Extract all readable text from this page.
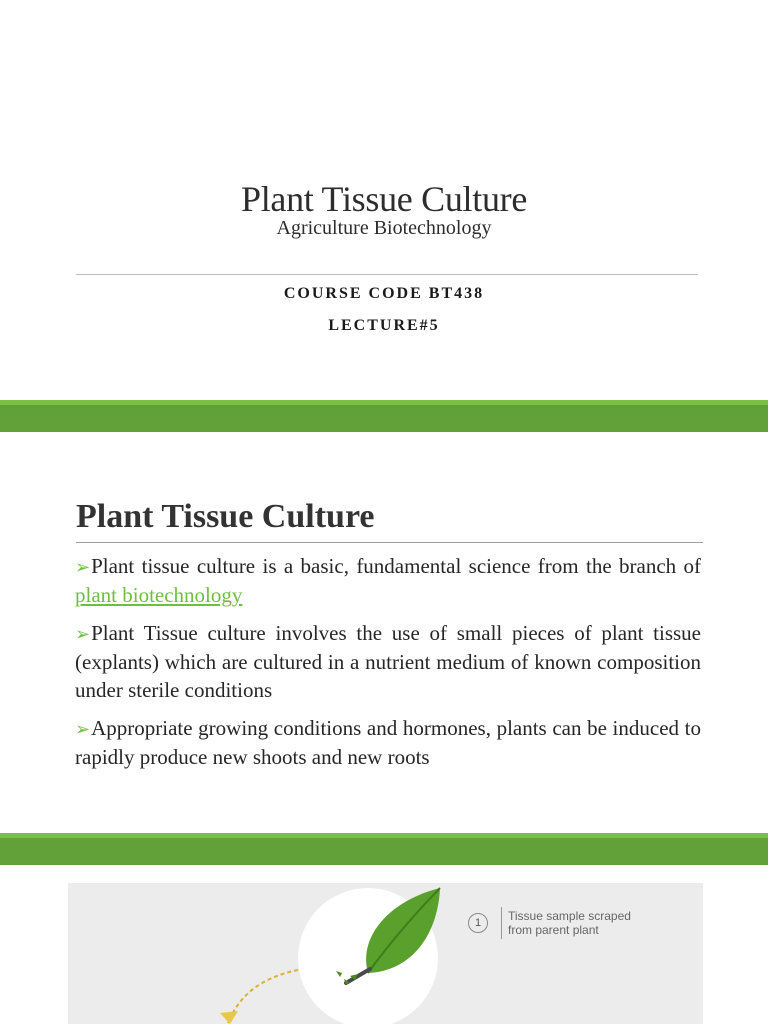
Plant Tissue Culture
Agriculture Biotechnology
COURSE CODE BT438
LECTURE#5
Plant Tissue Culture

➢Plant tissue culture is a basic, fundamental science from the branch of plant biotechnology

➢Plant Tissue culture involves the use of small pieces of plant tissue (explants) which are cultured in a nutrient medium of known composition under sterile conditions

➢Appropriate growing conditions and hormones, plants can be induced to rapidly produce new shoots and new roots

1	Tissue sample scraped
from parent plant
